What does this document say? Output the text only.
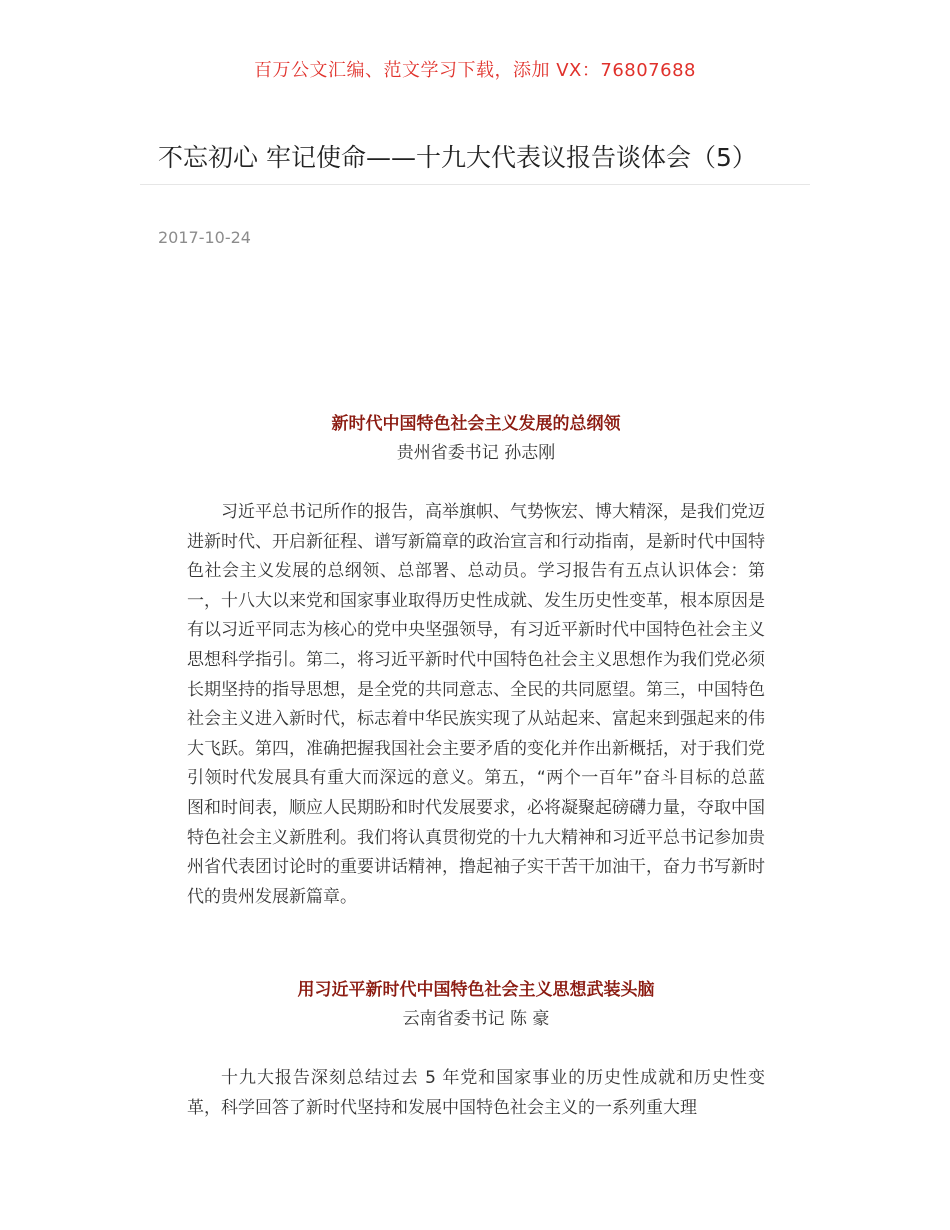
百万公文汇编、范文学习下载，添加 VX：76807688
不忘初心 牢记使命——十九大代表议报告谈体会（5）
2017-10-24
新时代中国特色社会主义发展的总纲领
贵州省委书记 孙志刚
习近平总书记所作的报告，高举旗帜、气势恢宏、博大精深，是我们党迈进新时代、开启新征程、谱写新篇章的政治宣言和行动指南，是新时代中国特色社会主义发展的总纲领、总部署、总动员。学习报告有五点认识体会：第一，十八大以来党和国家事业取得历史性成就、发生历史性变革，根本原因是有以习近平同志为核心的党中央坚强领导，有习近平新时代中国特色社会主义思想科学指引。第二，将习近平新时代中国特色社会主义思想作为我们党必须长期坚持的指导思想，是全党的共同意志、全民的共同愿望。第三，中国特色社会主义进入新时代，标志着中华民族实现了从站起来、富起来到强起来的伟大飞跃。第四，准确把握我国社会主要矛盾的变化并作出新概括，对于我们党引领时代发展具有重大而深远的意义。第五，“两个一百年”奋斗目标的总蓝图和时间表，顺应人民期盼和时代发展要求，必将凝聚起磅礴力量，夺取中国特色社会主义新胜利。我们将认真贯彻党的十九大精神和习近平总书记参加贵州省代表团讨论时的重要讲话精神，撸起袖子实干苦干加油干，奋力书写新时代的贵州发展新篇章。
用习近平新时代中国特色社会主义思想武装头脑
云南省委书记 陈 豪
十九大报告深刻总结过去 5 年党和国家事业的历史性成就和历史性变革，科学回答了新时代坚持和发展中国特色社会主义的一系列重大理
